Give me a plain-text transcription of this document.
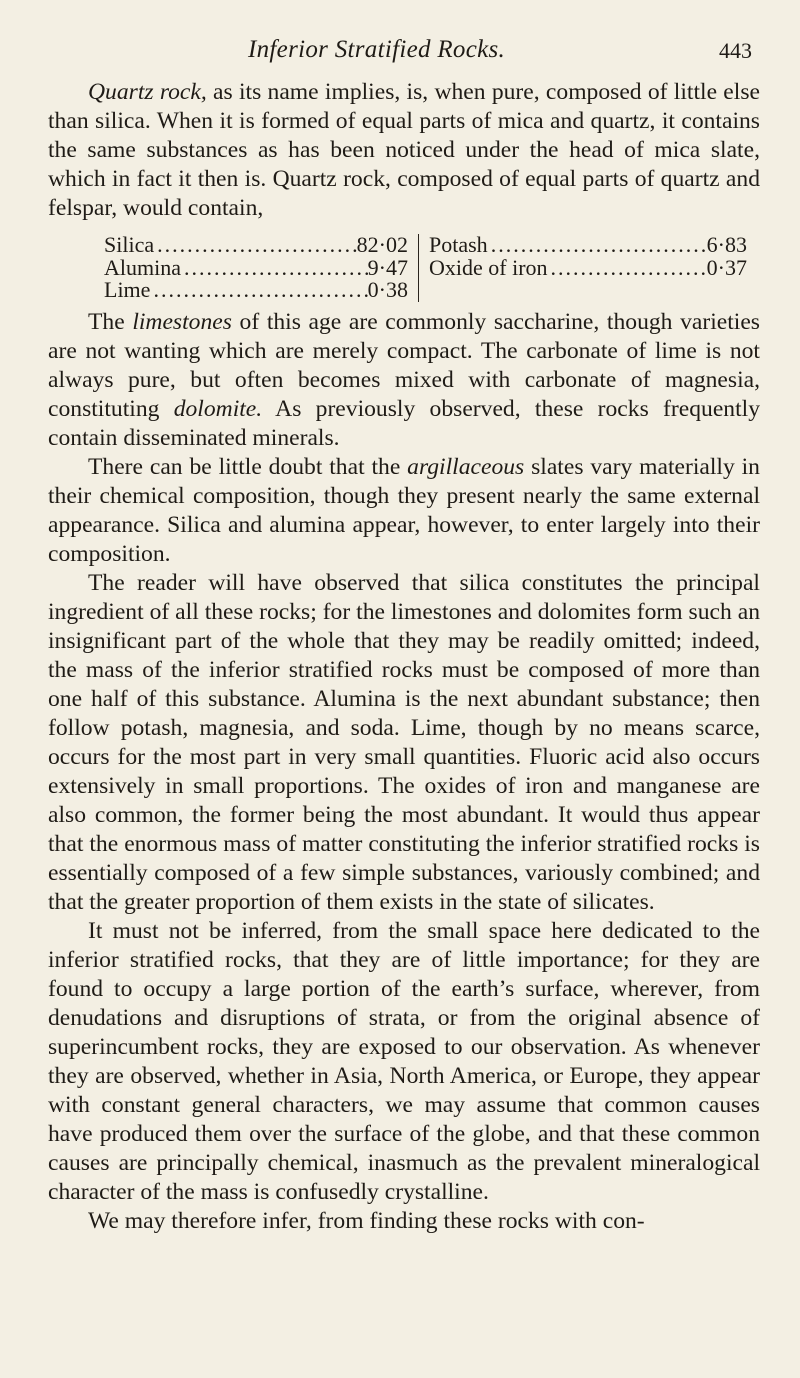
Inferior Stratified Rocks.	443

Quartz rock, as its name implies, is, when pure, composed of little else than silica. When it is formed of equal parts of mica and quartz, it contains the same substances as has been noticed under the head of mica slate, which in fact it then is. Quartz rock, composed of equal parts of quartz and felspar, would contain,

Silica .....	82·02
Alumina .....	9·47
Lime .....	0·38
Potash .....	6·83
Oxide of iron .....	0·37

The limestones of this age are commonly saccharine, though varieties are not wanting which are merely compact. The carbonate of lime is not always pure, but often becomes mixed with carbonate of magnesia, constituting dolomite. As previously observed, these rocks frequently contain disseminated minerals.

There can be little doubt that the argillaceous slates vary materially in their chemical composition, though they present nearly the same external appearance. Silica and alumina appear, however, to enter largely into their composition.

The reader will have observed that silica constitutes the principal ingredient of all these rocks; for the limestones and dolomites form such an insignificant part of the whole that they may be readily omitted; indeed, the mass of the inferior stratified rocks must be composed of more than one half of this substance. Alumina is the next abundant substance; then follow potash, magnesia, and soda. Lime, though by no means scarce, occurs for the most part in very small quantities. Fluoric acid also occurs extensively in small proportions. The oxides of iron and manganese are also common, the former being the most abundant. It would thus appear that the enormous mass of matter constituting the inferior stratified rocks is essentially composed of a few simple substances, variously combined; and that the greater proportion of them exists in the state of silicates.

It must not be inferred, from the small space here dedicated to the inferior stratified rocks, that they are of little importance; for they are found to occupy a large portion of the earth’s surface, wherever, from denudations and disruptions of strata, or from the original absence of superincumbent rocks, they are exposed to our observation. As whenever they are observed, whether in Asia, North America, or Europe, they appear with constant general characters, we may assume that common causes have produced them over the surface of the globe, and that these common causes are principally chemical, inasmuch as the prevalent mineralogical character of the mass is confusedly crystalline.

We may therefore infer, from finding these rocks with con-
